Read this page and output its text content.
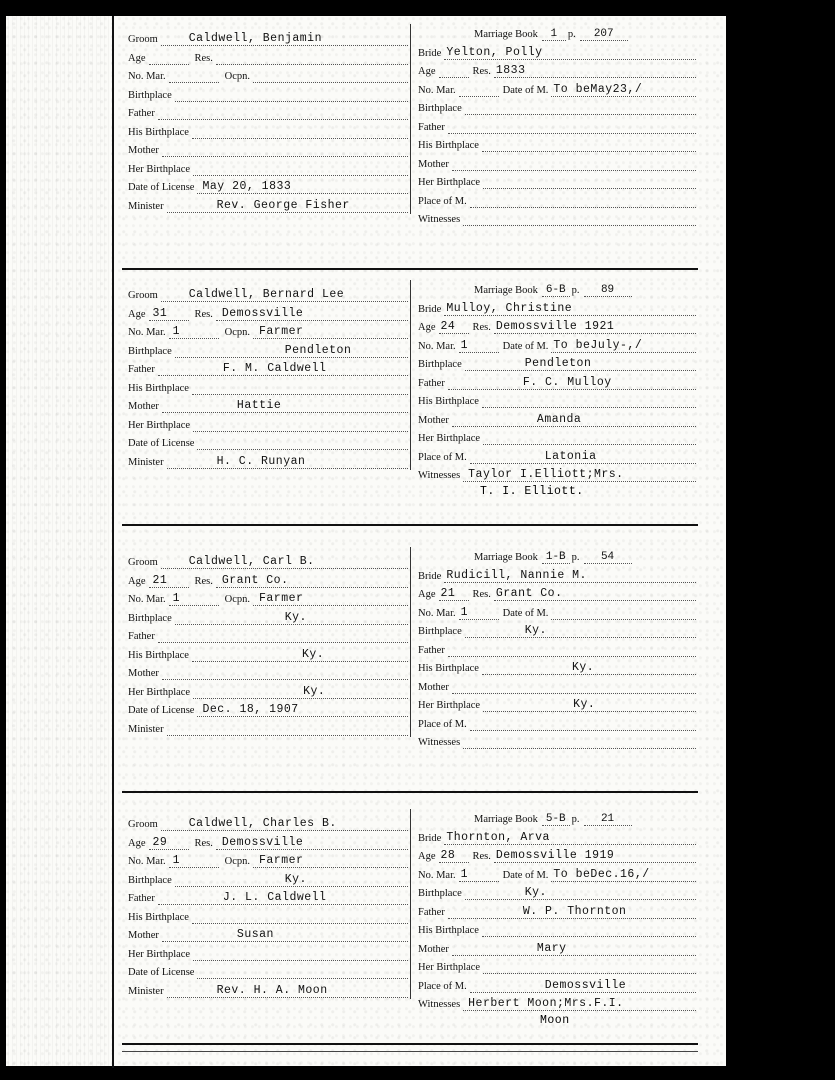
Groom	Caldwell, Benjamin
Age	Res.
No. Mar.	Ocpn.
Birthplace
Father
His Birthplace
Mother
Her Birthplace
Date of License May 20, 1833
Minister	Rev. George Fisher
Marriage Book	1	p.	207
Bride Yelton, Polly
Age	Res. 1833
No. Mar.	Date of M. To beMay23,/
Birthplace
Father
His Birthplace
Mother
Her Birthplace
Place of M.
Witnesses
Groom	Caldwell, Bernard Lee
Age 31	Res. Demossville
No. Mar. 1	Ocpn. Farmer
Birthplace	Pendleton
Father	F. M. Caldwell
His Birthplace
Mother	Hattie
Her Birthplace
Date of License
Minister	H. C. Runyan
Marriage Book 6-B p.	89
Bride Mulloy, Christine
Age 24 Res. Demossville 1921
No. Mar. 1	Date of M. To beJuly-,/
Birthplace	Pendleton
Father	F. C. Mulloy
His Birthplace
Mother	Amanda
Her Birthplace
Place of M.	Latonia
Witnesses Taylor I.Elliott;Mrs.
T. I. Elliott.
Groom	Caldwell, Carl B.
Age 21	Res. Grant Co.
No. Mar. 1	Ocpn. Farmer
Birthplace	Ky.
Father
His Birthplace	Ky.
Mother
Her Birthplace	Ky.
Date of License Dec. 18, 1907
Minister
Marriage Book 1-B p.	54
Bride Rudicill, Nannie M.
Age 21 Res. Grant Co.
No. Mar. 1	Date of M.
Birthplace	Ky.
Father
His Birthplace	Ky.
Mother
Her Birthplace	Ky.
Place of M.
Witnesses
Groom	Caldwell, Charles B.
Age 29	Res. Demossville
No. Mar. 1	Ocpn. Farmer
Birthplace	Ky.
Father	J. L. Caldwell
His Birthplace
Mother	Susan
Her Birthplace
Date of License
Minister	Rev. H. A. Moon
Marriage Book 5-B p.	21
Bride Thornton, Arva
Age 28 Res. Demossville 1919
No. Mar. 1	Date of M. To beDec.16,/
Birthplace	Ky.
Father	W. P. Thornton
His Birthplace
Mother	Mary
Her Birthplace
Place of M.	Demossville
Witnesses Herbert Moon;Mrs.F.I.
Moon
